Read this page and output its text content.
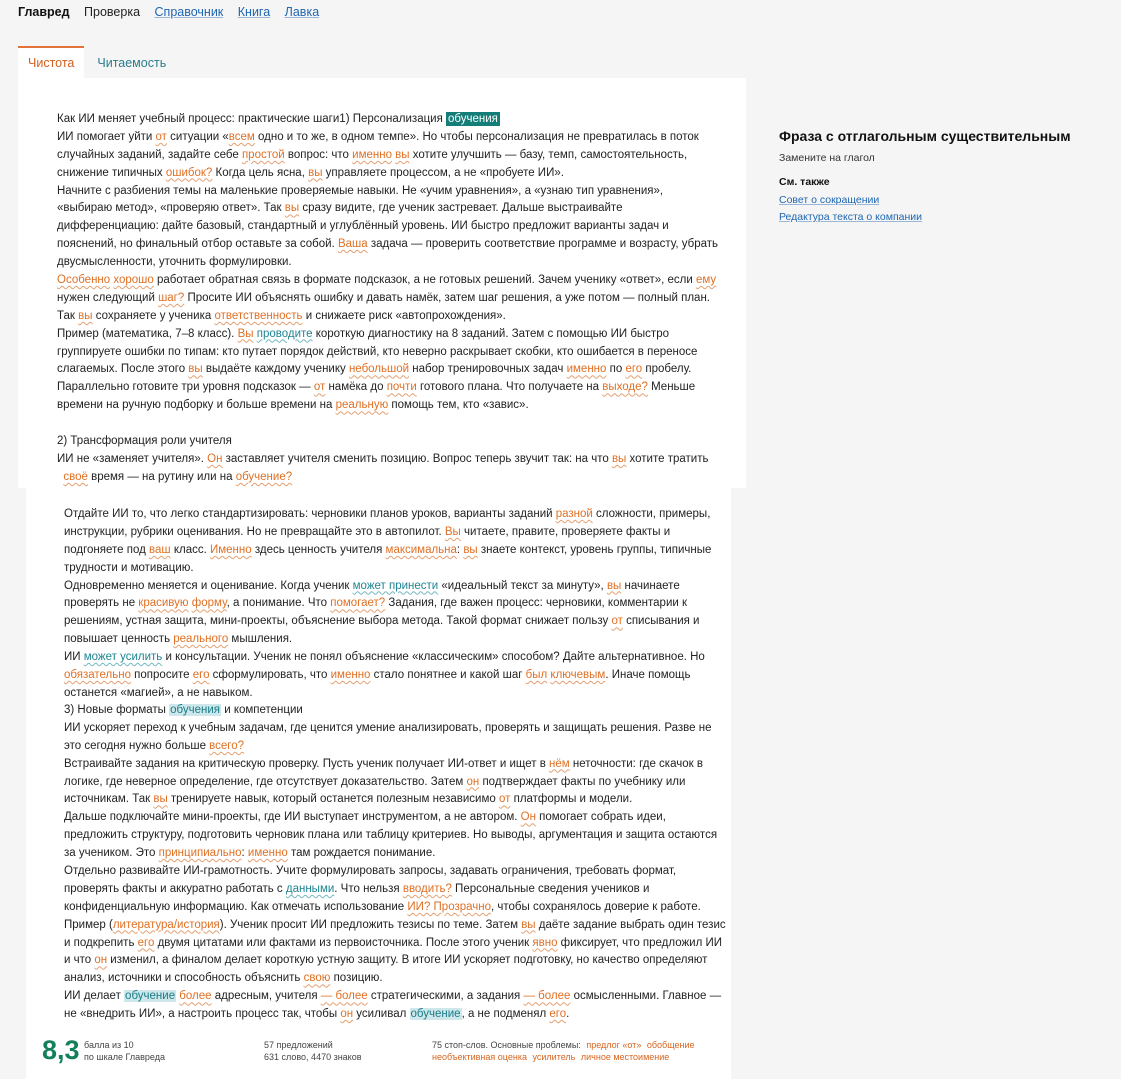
Главред Проверка Справочник Книга Лавка
Чистота Читаемость
Как ИИ меняет учебный процесс: практические шаги1) Персонализация обучения
ИИ помогает уйти от ситуации «всем одно и то же, в одном темпе». Но чтобы персонализация не превратилась в поток
случайных заданий, задайте себе простой вопрос: что именно вы хотите улучшить — базу, темп, самостоятельность,
снижение типичных ошибок? Когда цель ясна, вы управляете процессом, а не «пробуете ИИ».
Начните с разбиения темы на маленькие проверяемые навыки. Не «учим уравнения», а «узнаю тип уравнения»,
«выбираю метод», «проверяю ответ». Так вы сразу видите, где ученик застревает. Дальше выстраивайте
дифференциацию: дайте базовый, стандартный и углублённый уровень. ИИ быстро предложит варианты задач и
пояснений, но финальный отбор оставьте за собой. Ваша задача — проверить соответствие программе и возрасту, убрать
двусмысленности, уточнить формулировки.
Особенно хорошо работает обратная связь в формате подсказок, а не готовых решений. Зачем ученику «ответ», если ему
нужен следующий шаг? Просите ИИ объяснять ошибку и давать намёк, затем шаг решения, а уже потом — полный план.
Так вы сохраняете у ученика ответственность и снижаете риск «автопрохождения».
Пример (математика, 7–8 класс). Вы проводите короткую диагностику на 8 заданий. Затем с помощью ИИ быстро
группируете ошибки по типам: кто путает порядок действий, кто неверно раскрывает скобки, кто ошибается в переносе
слагаемых. После этого вы выдаёте каждому ученику небольшой набор тренировочных задач именно по его пробелу.
Параллельно готовите три уровня подсказок — от намёка до почти готового плана. Что получаете на выходе? Меньше
времени на ручную подборку и больше времени на реальную помощь тем, кто «завис».
2) Трансформация роли учителя
ИИ не «заменяет учителя». Он заставляет учителя сменить позицию. Вопрос теперь звучит так: на что вы хотите тратить
своё время — на рутину или на обучение?
Отдайте ИИ то, что легко стандартизировать: черновики планов уроков, варианты заданий разной сложности, примеры,
инструкции, рубрики оценивания. Но не превращайте это в автопилот. Вы читаете, правите, проверяете факты и
подгоняете под ваш класс. Именно здесь ценность учителя максимальна: вы знаете контекст, уровень группы, типичные
трудности и мотивацию.
Одновременно меняется и оценивание. Когда ученик может принести «идеальный текст за минуту», вы начинаете
проверять не красивую форму, а понимание. Что помогает? Задания, где важен процесс: черновики, комментарии к
решениям, устная защита, мини-проекты, объяснение выбора метода. Такой формат снижает пользу от списывания и
повышает ценность реального мышления.
ИИ может усилить и консультации. Ученик не понял объяснение «классическим» способом? Дайте альтернативное. Но
обязательно попросите его сформулировать, что именно стало понятнее и какой шаг был ключевым. Иначе помощь
останется «магией», а не навыком.
3) Новые форматы обучения и компетенции
ИИ ускоряет переход к учебным задачам, где ценится умение анализировать, проверять и защищать решения. Разве не
это сегодня нужно больше всего?
Встраивайте задания на критическую проверку. Пусть ученик получает ИИ-ответ и ищет в нём неточности: где скачок в
логике, где неверное определение, где отсутствует доказательство. Затем он подтверждает факты по учебнику или
источникам. Так вы тренируете навык, который останется полезным независимо от платформы и модели.
Дальше подключайте мини-проекты, где ИИ выступает инструментом, а не автором. Он помогает собрать идеи,
предложить структуру, подготовить черновик плана или таблицу критериев. Но выводы, аргументация и защита остаются
за учеником. Это принципиально: именно там рождается понимание.
Отдельно развивайте ИИ-грамотность. Учите формулировать запросы, задавать ограничения, требовать формат,
проверять факты и аккуратно работать с данными. Что нельзя вводить? Персональные сведения учеников и
конфиденциальную информацию. Как отмечать использование ИИ? Прозрачно, чтобы сохранялось доверие к работе.
Пример (литература/история). Ученик просит ИИ предложить тезисы по теме. Затем вы даёте задание выбрать один тезис
и подкрепить его двумя цитатами или фактами из первоисточника. После этого ученик явно фиксирует, что предложил ИИ
и что он изменил, а финалом делает короткую устную защиту. В итоге ИИ ускоряет подготовку, но качество определяют
анализ, источники и способность объяснить свою позицию.
ИИ делает обучение более адресным, учителя — более стратегическими, а задания — более осмысленными. Главное —
не «внедрить ИИ», а настроить процесс так, чтобы он усиливал обучение, а не подменял его.
Фраза с отглагольным существительным
Замените на глагол
См. также
Совет о сокращении
Редактура текста о компании
8,3 балла из 10
по шкале Главреда
57 предложений
631 слово, 4470 знаков
75 стоп-слов. Основные проблемы: предлог «от» обобщение
необъективная оценка усилитель личное местоимение
